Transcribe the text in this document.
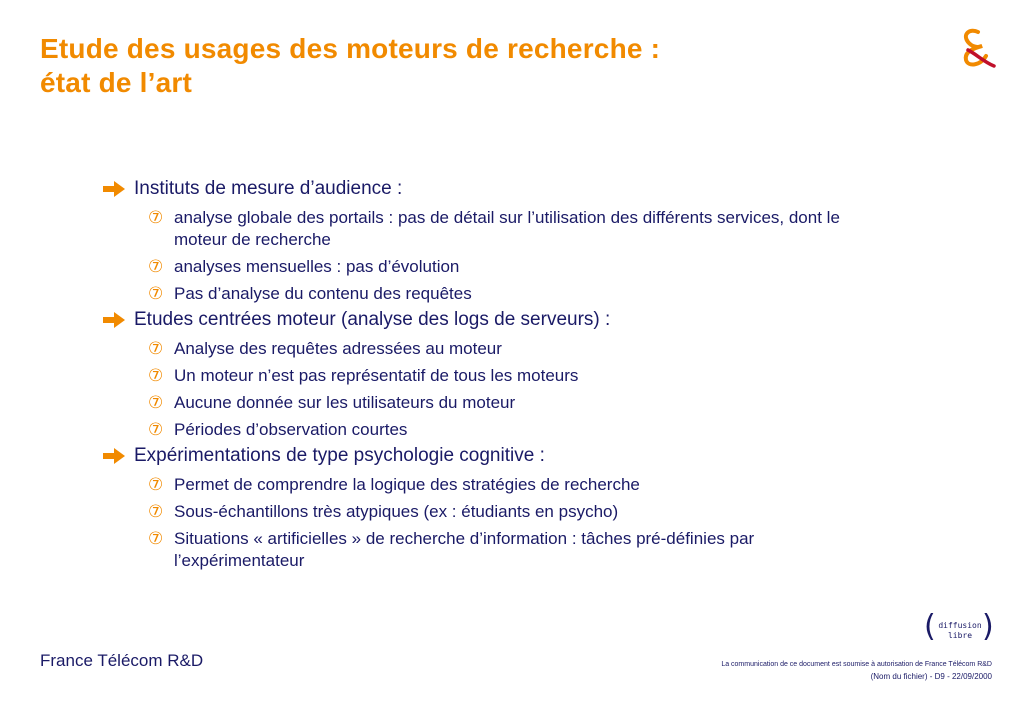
Etude des usages des moteurs de recherche :
état de l’art
Instituts de mesure d’audience :
⑦ analyse globale des portails : pas de détail sur l’utilisation des différents services, dont le moteur de recherche
⑦ analyses mensuelles : pas d’évolution
⑦ Pas d’analyse du contenu des requêtes
Etudes centrées moteur (analyse des logs de serveurs) :
⑦ Analyse des requêtes adressées au moteur
⑦ Un moteur n’est pas représentatif de tous les moteurs
⑦ Aucune donnée sur les utilisateurs du moteur
⑦ Périodes d’observation courtes
Expérimentations de type psychologie cognitive :
⑦ Permet de comprendre la logique des stratégies de recherche
⑦ Sous-échantillons très atypiques (ex : étudiants en psycho)
⑦ Situations « artificielles » de recherche d’information : tâches pré-définies par l’expérimentateur
France Télécom R&D
( diffusion
libre )
La communication de ce document est soumise à autorisation de France Télécom R&D
(Nom du fichier) - D9 - 22/09/2000
